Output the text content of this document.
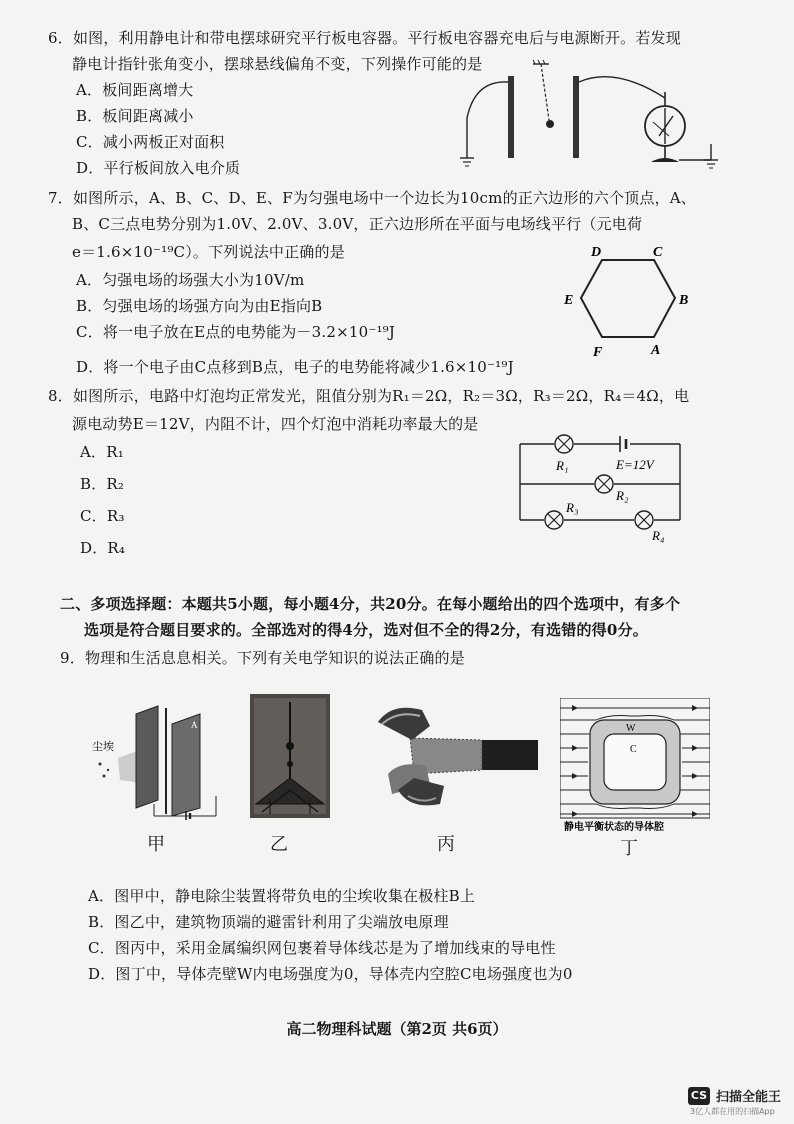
6．如图，利用静电计和带电摆球研究平行板电容器。平行板电容器充电后与电源断开。若发现
静电计指针张角变小，摆球悬线偏角不变，下列操作可能的是
A．板间距离增大
B．板间距离减小
C．减小两板正对面积
D．平行板间放入电介质
7．如图所示，A、B、C、D、E、F为匀强电场中一个边长为10cm的正六边形的六个顶点，A、
B、C三点电势分别为1.0V、2.0V、3.0V，正六边形所在平面与电场线平行（元电荷
e＝1.6×10⁻¹⁹C）。下列说法中正确的是
A．匀强电场的场强大小为10V/m
B．匀强电场的场强方向为由E指向B
C．将一电子放在E点的电势能为－3.2×10⁻¹⁹J
D．将一个电子由C点移到B点，电子的电势能将减少1.6×10⁻¹⁹J
D	C
E	B
F	A
8．如图所示，电路中灯泡均正常发光，阻值分别为R₁＝2Ω，R₂＝3Ω，R₃＝2Ω，R₄＝4Ω，电
源电动势E＝12V，内阻不计，四个灯泡中消耗功率最大的是
A．R₁
B．R₂
C．R₃
D．R₄
R₁	E=12V
R₂
R₃
R₄
二、多项选择题：本题共5小题，每小题4分，共20分。在每小题给出的四个选项中，有多个
选项是符合题目要求的。全部选对的得4分，选对但不全的得2分，有选错的得0分。
9．物理和生活息息相关。下列有关电学知识的说法正确的是
尘埃
A
甲	乙	丙
W
C
静电平衡状态的导体腔
丁
A．图甲中，静电除尘装置将带负电的尘埃收集在极柱B上
B．图乙中，建筑物顶端的避雷针利用了尖端放电原理
C．图丙中，采用金属编织网包裹着导体线芯是为了增加线束的导电性
D．图丁中，导体壳壁W内电场强度为0，导体壳内空腔C电场强度也为0
高二物理科试题（第2页 共6页）
CS 扫描全能王
3亿人都在用的扫描App
